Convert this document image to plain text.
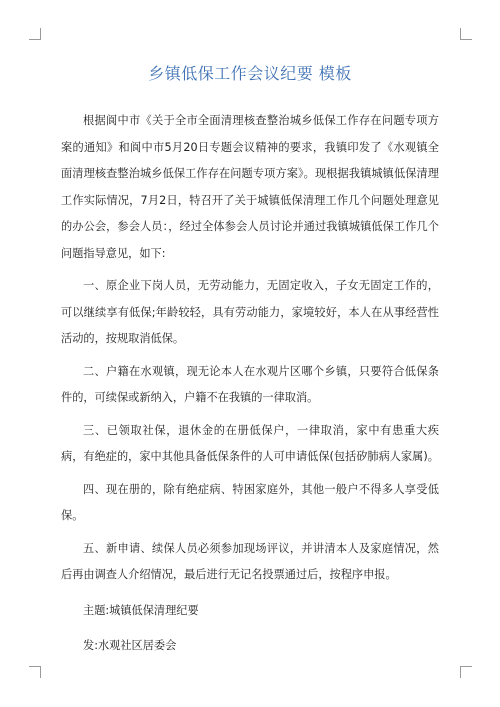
乡镇低保工作会议纪要 模板

根据阆中市《关于全市全面清理核查整治城乡低保工作存在问题专项方案的通知》和阆中市5月20日专题会议精神的要求，我镇印发了《水观镇全面清理核查整治城乡低保工作存在问题专项方案》。现根据我镇城镇低保清理工作实际情况，7月2日，特召开了关于城镇低保清理工作几个问题处理意见的办公会，参会人员：，经过全体参会人员讨论并通过我镇城镇低保工作几个问题指导意见，如下:

一、原企业下岗人员，无劳动能力，无固定收入，子女无固定工作的，可以继续享有低保;年龄较轻，具有劳动能力，家境较好，本人在从事经营性活动的，按规取消低保。

二、户籍在水观镇，现无论本人在水观片区哪个乡镇，只要符合低保条件的，可续保或新纳入，户籍不在我镇的一律取消。

三、已领取社保，退休金的在册低保户，一律取消，家中有患重大疾病，有绝症的，家中其他具备低保条件的人可申请低保(包括矽肺病人家属)。

四、现在册的，除有绝症病、特困家庭外，其他一般户不得多人享受低保。

五、新申请、续保人员必须参加现场评议，并讲清本人及家庭情况，然后再由调查人介绍情况，最后进行无记名投票通过后，按程序申报。

主题:城镇低保清理纪要

发:水观社区居委会
